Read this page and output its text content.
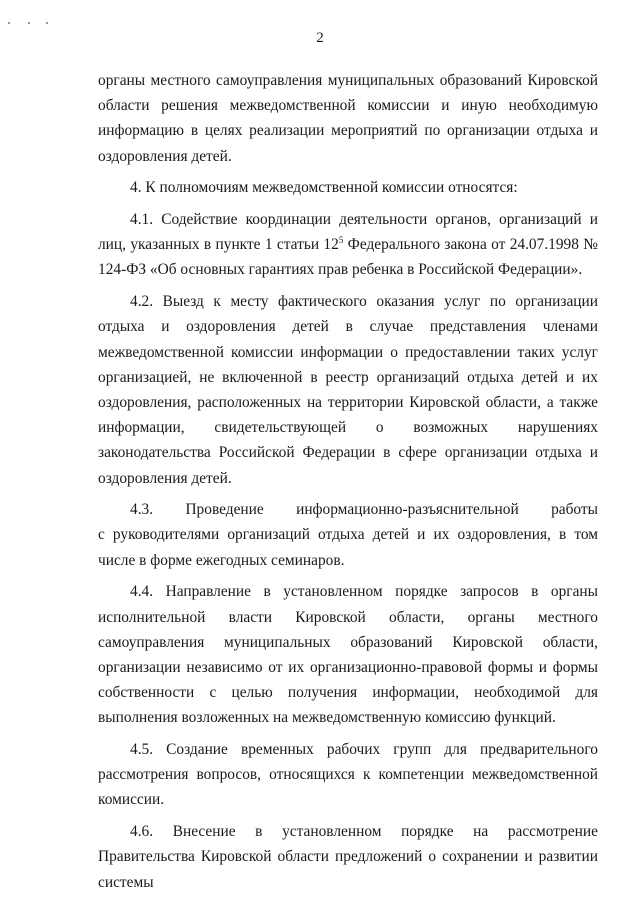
2

органы местного самоуправления муниципальных образований Кировской области решения межведомственной комиссии и иную необходимую информацию в целях реализации мероприятий по организации отдыха и оздоровления детей.

4. К полномочиям межведомственной комиссии относятся:

4.1. Содействие координации деятельности органов, организаций и лиц, указанных в пункте 1 статьи $12^5$ Федерального закона от 24.07.1998 № 124-ФЗ «Об основных гарантиях прав ребенка в Российской Федерации».

4.2. Выезд к месту фактического оказания услуг по организации отдыха и оздоровления детей в случае представления членами межведомственной комиссии информации о предоставлении таких услуг организацией, не включенной в реестр организаций отдыха детей и их оздоровления, расположенных на территории Кировской области, а также информации, свидетельствующей о возможных нарушениях законодательства Российской Федерации в сфере организации отдыха и оздоровления детей.

4.3. Проведение информационно-разъяснительной работы

с руководителями организаций отдыха детей и их оздоровления, в том числе в форме ежегодных семинаров.

4.4. Направление в установленном порядке запросов в органы исполнительной власти Кировской области, органы местного самоуправления муниципальных образований Кировской области, организации независимо от их организационно-правовой формы и формы собственности с целью получения информации, необходимой для выполнения возложенных на межведомственную комиссию функций.

4.5. Создание временных рабочих групп для предварительного рассмотрения вопросов, относящихся к компетенции межведомственной комиссии.

4.6. Внесение в установленном порядке на рассмотрение Правительства Кировской области предложений о сохранении и развитии системы
